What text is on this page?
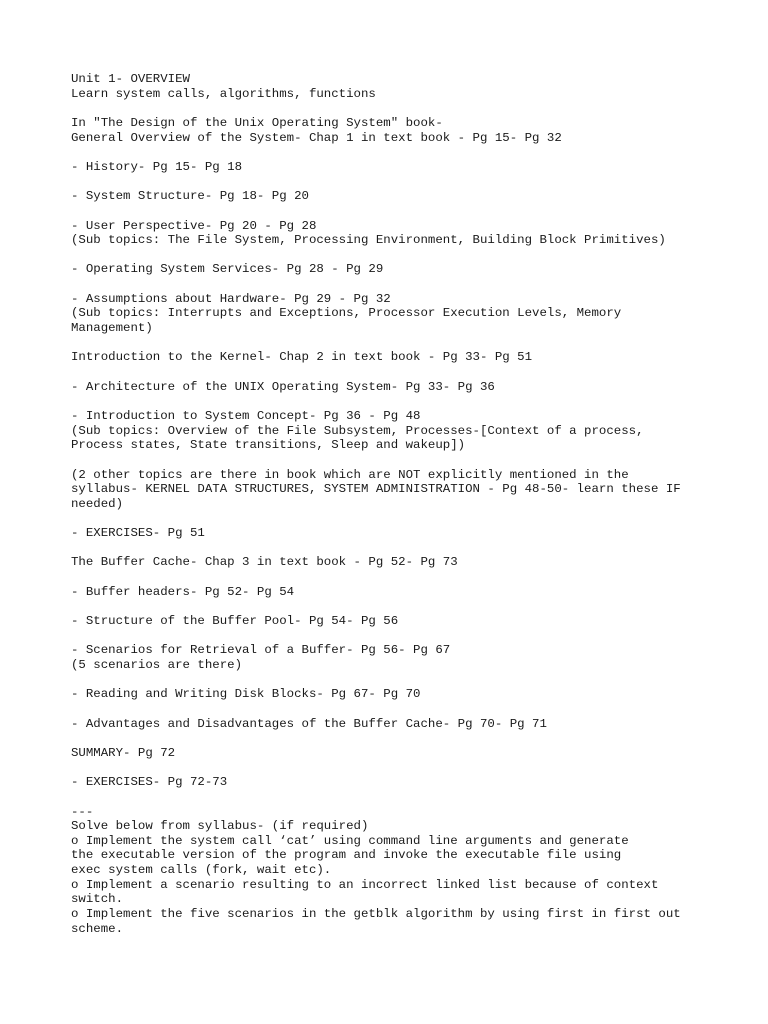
Unit 1- OVERVIEW
Learn system calls, algorithms, functions
In "The Design of the Unix Operating System" book-
General Overview of the System- Chap 1 in text book - Pg 15- Pg 32
- History- Pg 15- Pg 18
- System Structure- Pg 18- Pg 20
- User Perspective- Pg 20 - Pg 28
(Sub topics: The File System, Processing Environment, Building Block Primitives)
- Operating System Services- Pg 28 - Pg 29
- Assumptions about Hardware- Pg 29 - Pg 32
(Sub topics: Interrupts and Exceptions, Processor Execution Levels, Memory
Management)
Introduction to the Kernel- Chap 2 in text book - Pg 33- Pg 51
- Architecture of the UNIX Operating System- Pg 33- Pg 36
- Introduction to System Concept- Pg 36 - Pg 48
(Sub topics: Overview of the File Subsystem, Processes-[Context of a process,
Process states, State transitions, Sleep and wakeup])
(2 other topics are there in book which are NOT explicitly mentioned in the
syllabus- KERNEL DATA STRUCTURES, SYSTEM ADMINISTRATION - Pg 48-50- learn these IF
needed)
- EXERCISES- Pg 51
The Buffer Cache- Chap 3 in text book - Pg 52- Pg 73
- Buffer headers- Pg 52- Pg 54
- Structure of the Buffer Pool- Pg 54- Pg 56
- Scenarios for Retrieval of a Buffer- Pg 56- Pg 67
(5 scenarios are there)
- Reading and Writing Disk Blocks- Pg 67- Pg 70
- Advantages and Disadvantages of the Buffer Cache- Pg 70- Pg 71
SUMMARY- Pg 72
- EXERCISES- Pg 72-73
---
Solve below from syllabus- (if required)
o Implement the system call ‘cat’ using command line arguments and generate
the executable version of the program and invoke the executable file using
exec system calls (fork, wait etc).
o Implement a scenario resulting to an incorrect linked list because of context
switch.
o Implement the five scenarios in the getblk algorithm by using first in first out
scheme.
